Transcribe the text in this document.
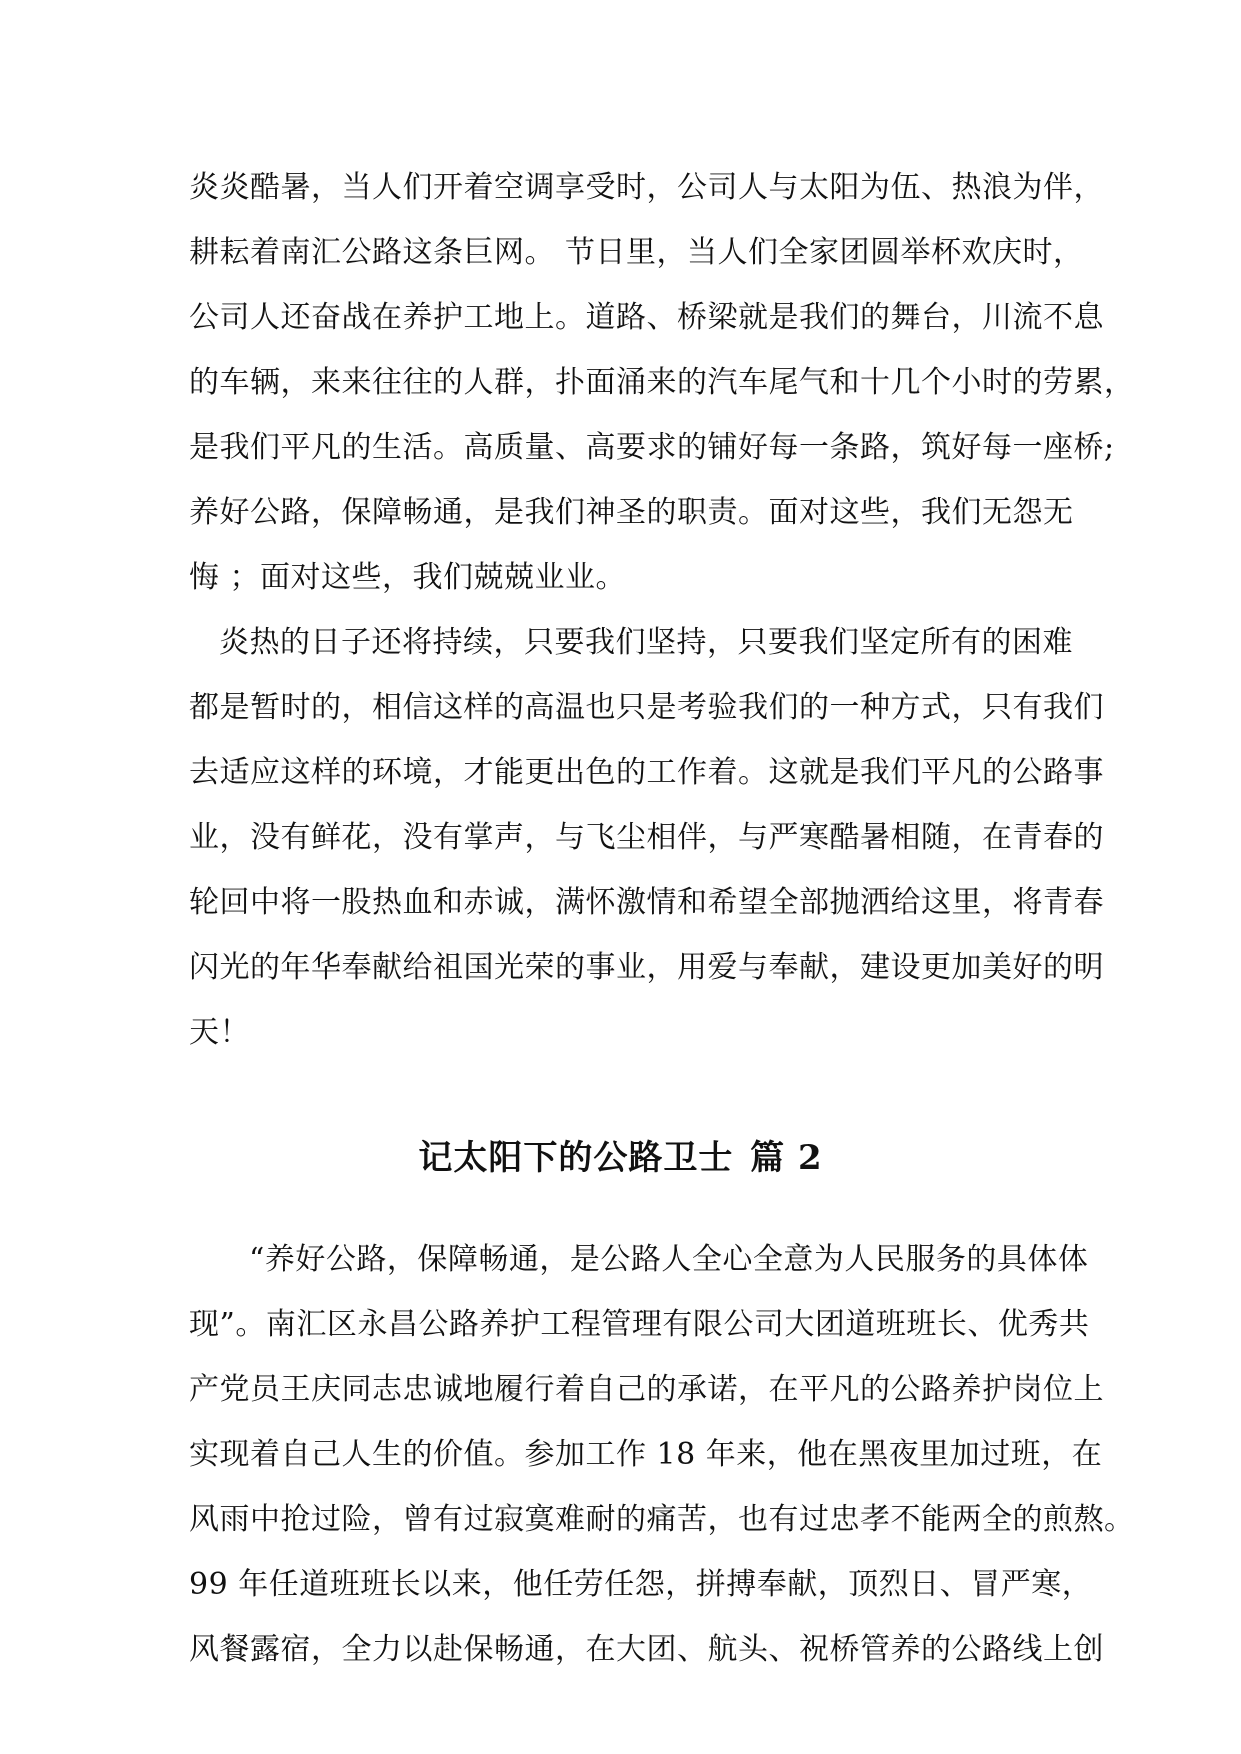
炎炎酷暑，当人们开着空调享受时，公司人与太阳为伍、热浪为伴，
耕耘着南汇公路这条巨网。 节日里，当人们全家团圆举杯欢庆时，
公司人还奋战在养护工地上。道路、桥梁就是我们的舞台，川流不息
的车辆，来来往往的人群，扑面涌来的汽车尾气和十几个小时的劳累，
是我们平凡的生活。高质量、高要求的铺好每一条路，筑好每一座桥;
养好公路，保障畅通，是我们神圣的职责。面对这些，我们无怨无
悔 ；面对这些，我们兢兢业业。
炎热的日子还将持续，只要我们坚持，只要我们坚定所有的困难
都是暂时的，相信这样的高温也只是考验我们的一种方式，只有我们
去适应这样的环境，才能更出色的工作着。这就是我们平凡的公路事
业，没有鲜花，没有掌声，与飞尘相伴，与严寒酷暑相随，在青春的
轮回中将一股热血和赤诚，满怀激情和希望全部抛洒给这里，将青春
闪光的年华奉献给祖国光荣的事业，用爱与奉献，建设更加美好的明
天！
记太阳下的公路卫士 篇 2
“养好公路，保障畅通，是公路人全心全意为人民服务的具体体
现”。南汇区永昌公路养护工程管理有限公司大团道班班长、优秀共
产党员王庆同志忠诚地履行着自己的承诺，在平凡的公路养护岗位上
实现着自己人生的价值。参加工作 18 年来，他在黑夜里加过班，在
风雨中抢过险，曾有过寂寞难耐的痛苦，也有过忠孝不能两全的煎熬。
99 年任道班班长以来，他任劳任怨，拼搏奉献，顶烈日、冒严寒，
风餐露宿，全力以赴保畅通，在大团、航头、祝桥管养的公路线上创
